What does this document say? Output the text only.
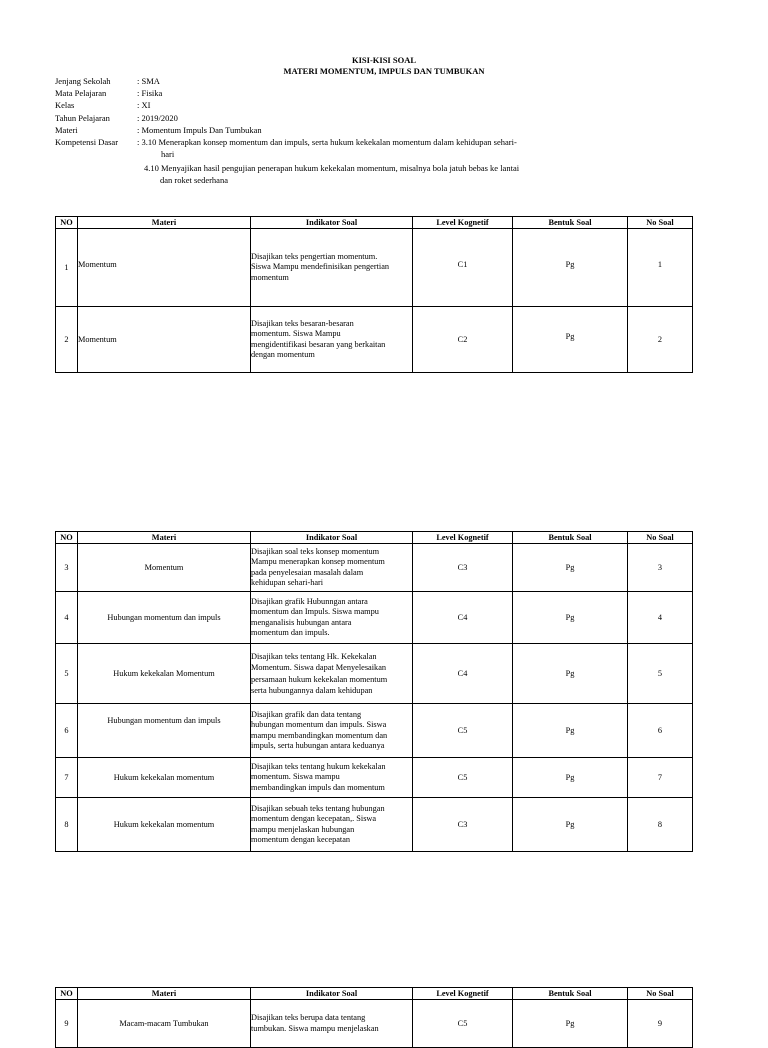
KISI-KISI SOAL
MATERI MOMENTUM, IMPULS DAN TUMBUKAN
Jenjang Sekolah	: SMA
Mata Pelajaran	: Fisika
Kelas	: XI
Tahun Pelajaran	: 2019/2020
Materi	: Momentum Impuls Dan Tumbukan
Kompetensi Dasar	: 3.10 Menerapkan konsep momentum dan impuls, serta hukum kekekalan momentum dalam kehidupan sehari-
hari
4.10 Menyajikan hasil pengujian penerapan hukum kekekalan momentum, misalnya bola jatuh bebas ke lantai
dan roket sederhana
NO	Materi	Indikator Soal	Level Kognetif	Bentuk Soal	No Soal
1	Momentum	Disajikan teks pengertian momentum.
Siswa Mampu mendefinisikan pengertian
momentum	C1	Pg	1
2	Momentum	Disajikan teks besaran-besaran
momentum. Siswa Mampu
mengidentifikasi besaran yang berkaitan
dengan momentum	C2	Pg	2
NO	Materi	Indikator Soal	Level Kognetif	Bentuk Soal	No Soal
3	Momentum	Disajikan soal teks konsep momentum
Mampu menerapkan konsep momentum
pada penyelesaian masalah dalam
kehidupan sehari-hari	C3	Pg	3
4	Hubungan momentum dan impuls	Disajikan grafik Hubunngan antara
momentum dan Impuls. Siswa mampu
menganalisis hubungan antara
momentum dan impuls.	C4	Pg	4
5	Hukum kekekalan Momentum	Disajikan teks tentang Hk. Kekekalan
Momentum. Siswa dapat Menyelesaikan
persamaan hukum kekekalan momentum
serta hubungannya dalam kehidupan	C4	Pg	5
6	Hubungan momentum dan impuls	Disajikan grafik dan data tentang
hubungan momentum dan impuls. Siswa
mampu membandingkan momentum dan
impuls, serta hubungan antara keduanya	C5	Pg	6
7	Hukum kekekalan momentum	Disajikan teks tentang hukum kekekalan
momentum. Siswa mampu
membandingkan impuls dan momentum	C5	Pg	7
8	Hukum kekekalan momentum	Disajikan sebuah teks tentang hubungan
momentum dengan kecepatan,. Siswa
mampu menjelaskan hubungan
momentum dengan kecepatan	C3	Pg	8
NO	Materi	Indikator Soal	Level Kognetif	Bentuk Soal	No Soal
9	Macam-macam Tumbukan	Disajikan teks berupa data tentang
tumbukan. Siswa mampu menjelaskan	C5	Pg	9
